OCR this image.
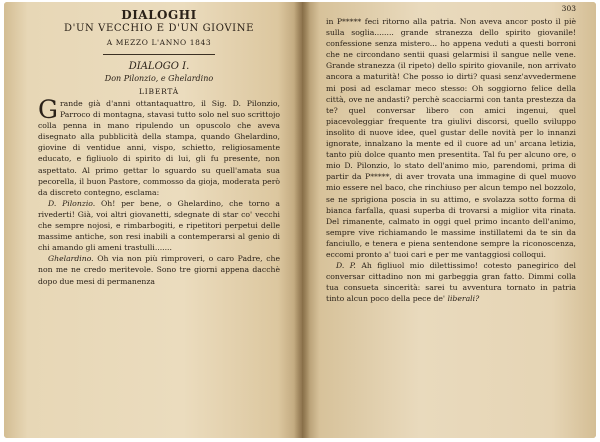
DIALOGHI
D'UN VECCHIO E D'UN GIOVINE
A MEZZO L'ANNO 1843
DIALOGO I.
Don Pilonzio, e Ghelardino
LIBERTÀ

Grande già d'anni ottantaquattro, il Sig. D. Pilonzio, Parroco di montagna, stavasi tutto solo nel suo scrittojo colla penna in mano ripulendo un opuscolo che aveva disegnato alla pubblicità della stampa, quando Ghelardino, giovine di ventidue anni, vispo, schietto, religiosamente educato, e figliuolo di spirito di lui, gli fu presente, non aspettato. Al primo gettar lo sguardo su quell'amata sua pecorella, il buon Pastore, commosso da gioja, moderata però da discreto contegno, esclama:

D. Pilonzio. Oh! per bene, o Ghelardino, che torno a rivederti! Già, voi altri giovanetti, sdegnate di star co' vecchi che sempre nojosi, e rimbarbogiti, e ripetitori perpetui delle massime antiche, son resi inabili a contemperarsi al genio di chi amando gli ameni trastulli.......

Ghelardino. Oh via non più rimproveri, o caro Padre, che non me ne credo meritevole. Sono tre giorni appena dacchè dopo due mesi di permanenza

303

in P***** feci ritorno alla patria. Non aveva ancor posto il piè sulla soglia........ grande stranezza dello spirito giovanile! confessione senza mistero... ho appena veduti a questi borroni che ne circondano sentii quasi gelarmisi il sangue nelle vene. Grande stranezza (il ripeto) dello spirito giovanile, non arrivato ancora a maturità! Che posso io dirti? quasi senz'avvedermene mi posi ad esclamar meco stesso: Oh soggiorno felice della città, ove ne andasti? perchè scacciarmi con tanta prestezza da te? quel conversar libero con amici ingenui, quel piacevoleggiar frequente tra giulivi discorsi, quello sviluppo insolito di nuove idee, quel gustar delle novità per lo innanzi ignorate, innalzano la mente ed il cuore ad un' arcana letizia, tanto più dolce quanto men presentita. Tal fu per alcuno ore, o mio D. Pilonzio, lo stato dell'animo mio, parendomi, prima di partir da P*****, di aver trovata una immagine di quel muovo mio essere nel baco, che rinchiuso per alcun tempo nel bozzolo, se ne sprigiona poscia in su attimo, e svolazza sotto forma di bianca farfalla, quasi superba di trovarsi a miglior vita rinata. Del rimanente, calmato in oggi quel primo incanto dell'animo, sempre vive richiamando le massime instillatemi da te sin da fanciullo, e tenera e piena sentendone sempre la riconoscenza, eccomi pronto a' tuoi cari e per me vantaggiosi colloqui.

D. P. Ah figliuol mio dilettissimo! cotesto panegirico del conversar cittadino non mi garbeggia gran fatto. Dimmi colla tua consueta sincerità: sarei tu avventura tornato in patria tinto alcun poco della pece de' liberali?
